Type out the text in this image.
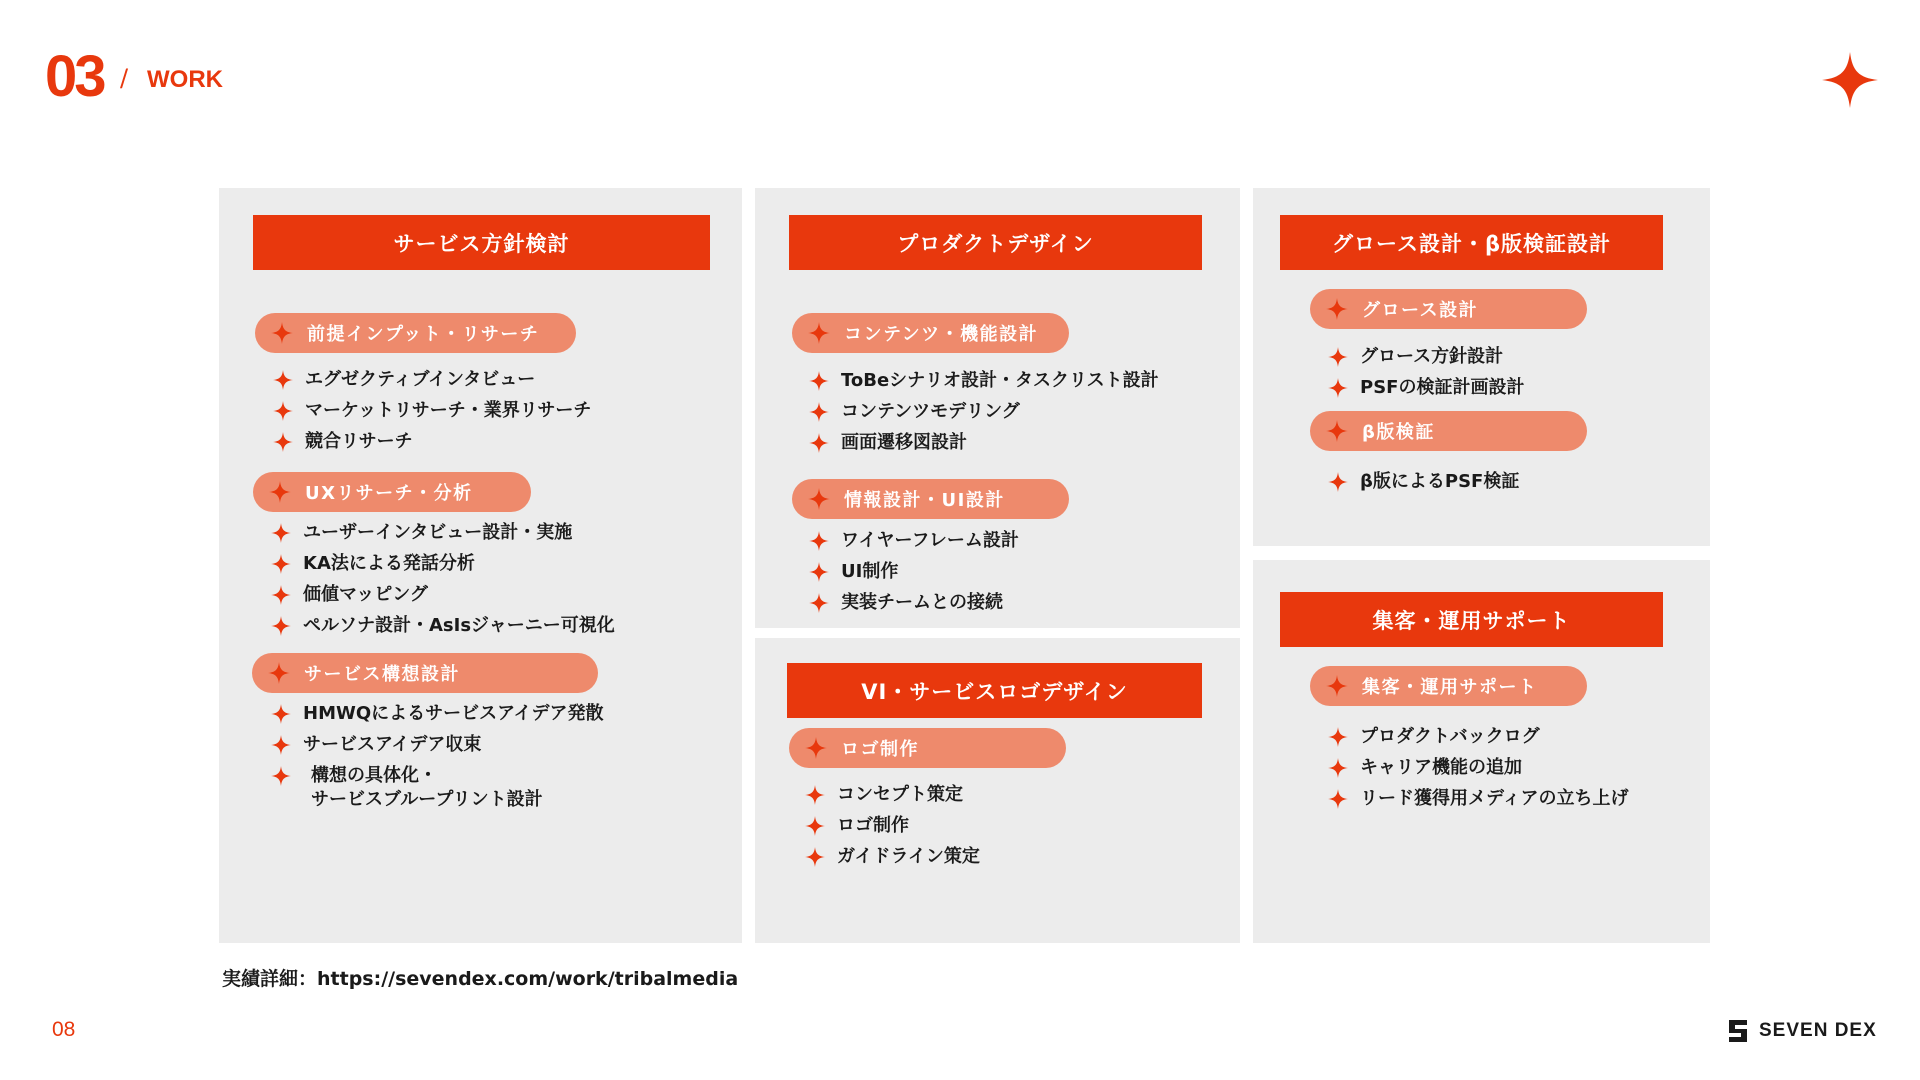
03 / WORK
サービス方針検討
前提インプット・リサーチ
エグゼクティブインタビュー
マーケットリサーチ・業界リサーチ
競合リサーチ
UXリサーチ・分析
ユーザーインタビュー設計・実施
KA法による発話分析
価値マッピング
ペルソナ設計・AsIsジャーニー可視化
サービス構想設計
HMWQによるサービスアイデア発散
サービスアイデア収束
構想の具体化・
サービスブループリント設計
プロダクトデザイン
コンテンツ・機能設計
ToBeシナリオ設計・タスクリスト設計
コンテンツモデリング
画面遷移図設計
情報設計・UI設計
ワイヤーフレーム設計
UI制作
実装チームとの接続
VI・サービスロゴデザイン
ロゴ制作
コンセプト策定
ロゴ制作
ガイドライン策定
グロース設計・β版検証設計
グロース設計
グロース方針設計
PSFの検証計画設計
β版検証
β版によるPSF検証
集客・運用サポート
集客・運用サポート
プロダクトバックログ
キャリア機能の追加
リード獲得用メディアの立ち上げ
実績詳細：https://sevendex.com/work/tribalmedia
08	SEVEN DEX
